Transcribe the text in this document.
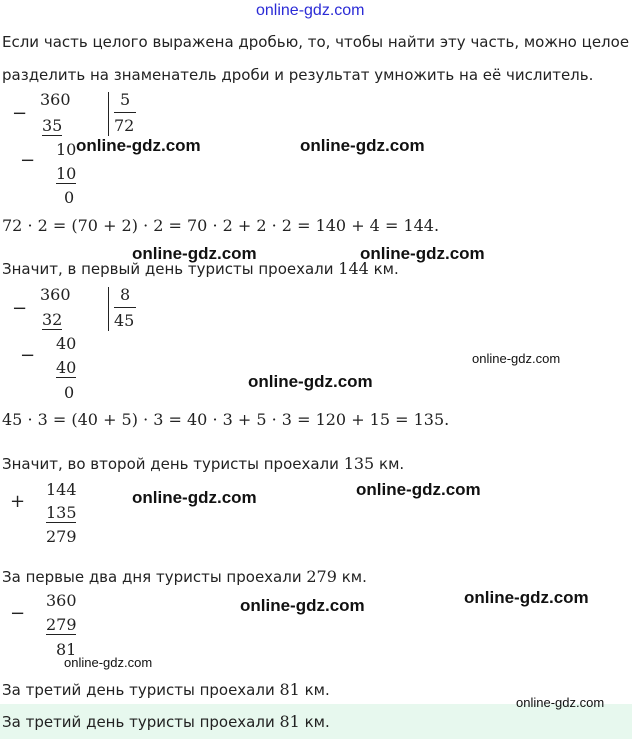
online-gdz.com
Если часть целого выражена дробью, то, чтобы найти эту часть, можно целое
разделить на знаменатель дроби и результат умножить на её числитель.
−
360
35
5
72
−
10
10
0
72 · 2 = (70 + 2) · 2 = 70 · 2 + 2 · 2 = 140 + 4 = 144.
Значит, в первый день туристы проехали 144 км.
−
360
32
8
45
−
40
40
0
45 · 3 = (40 + 5) · 3 = 40 · 3 + 5 · 3 = 120 + 15 = 135.
Значит, во второй день туристы проехали 135 км.
+
144
135
279
За первые два дня туристы проехали 279 км.
−
360
279
81
За третий день туристы проехали 81 км.
За третий день туристы проехали 81 км.
online-gdz.com	online-gdz.com
online-gdz.com	online-gdz.com
online-gdz.com
online-gdz.com
online-gdz.com	online-gdz.com
online-gdz.com	online-gdz.com
online-gdz.com
online-gdz.com
